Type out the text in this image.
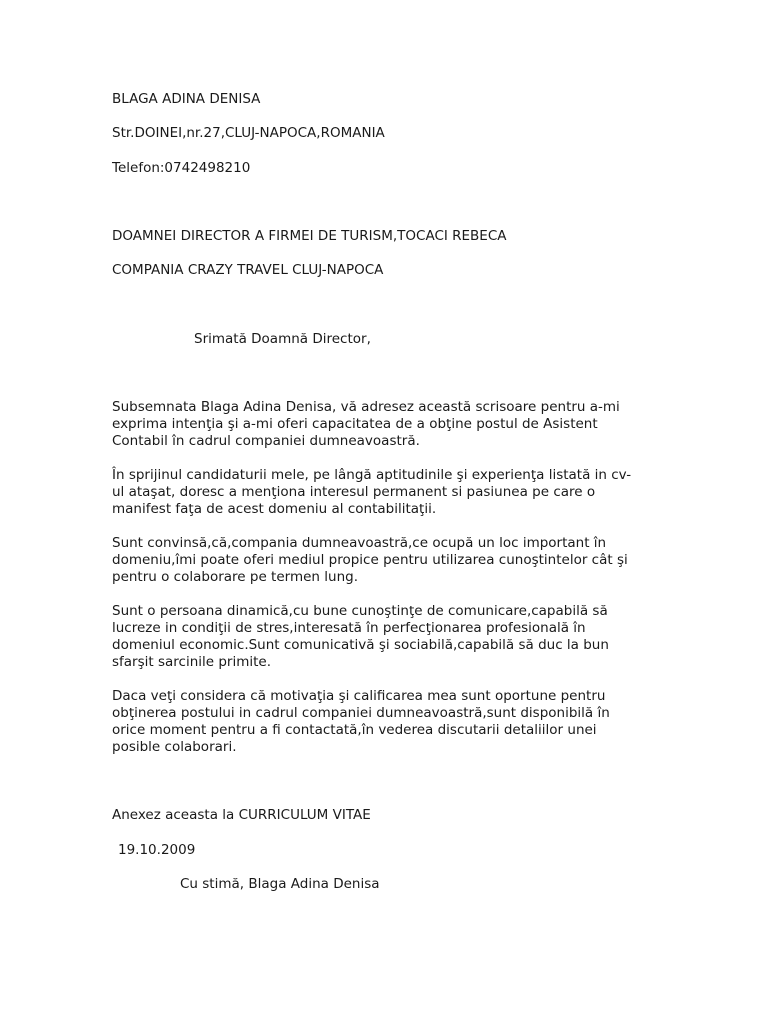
BLAGA ADINA DENISA
Str.DOINEI,nr.27,CLUJ-NAPOCA,ROMANIA
Telefon:0742498210
DOAMNEI DIRECTOR A FIRMEI DE TURISM,TOCACI REBECA
COMPANIA CRAZY TRAVEL CLUJ-NAPOCA
Srimată Doamnă Director,
Subsemnata Blaga Adina Denisa, vă adresez această scrisoare pentru a-mi
exprima intenţia şi a-mi oferi capacitatea de a obţine postul de Asistent
Contabil în cadrul companiei dumneavoastră.
În sprijinul candidaturii mele, pe lângă aptitudinile şi experienţa listată in cv-
ul ataşat, doresc a menţiona interesul permanent si pasiunea pe care o
manifest faţa de acest domeniu al contabilitaţii.
Sunt convinsă,că,compania dumneavoastră,ce ocupă un loc important în
domeniu,îmi poate oferi mediul propice pentru utilizarea cunoştintelor cât şi
pentru o colaborare pe termen lung.
Sunt o persoana dinamică,cu bune cunoştinţe de comunicare,capabilă să
lucreze in condiţii de stres,interesată în perfecţionarea profesională în
domeniul economic.Sunt comunicativă şi sociabilă,capabilă să duc la bun
sfarşit sarcinile primite.
Daca veţi considera că motivaţia şi calificarea mea sunt oportune pentru
obţinerea postului in cadrul companiei dumneavoastră,sunt disponibilă în
orice moment pentru a fi contactată,în vederea discutarii detaliilor unei
posible colaborari.
Anexez aceasta la CURRICULUM VITAE
19.10.2009
Cu stimă, Blaga Adina Denisa
